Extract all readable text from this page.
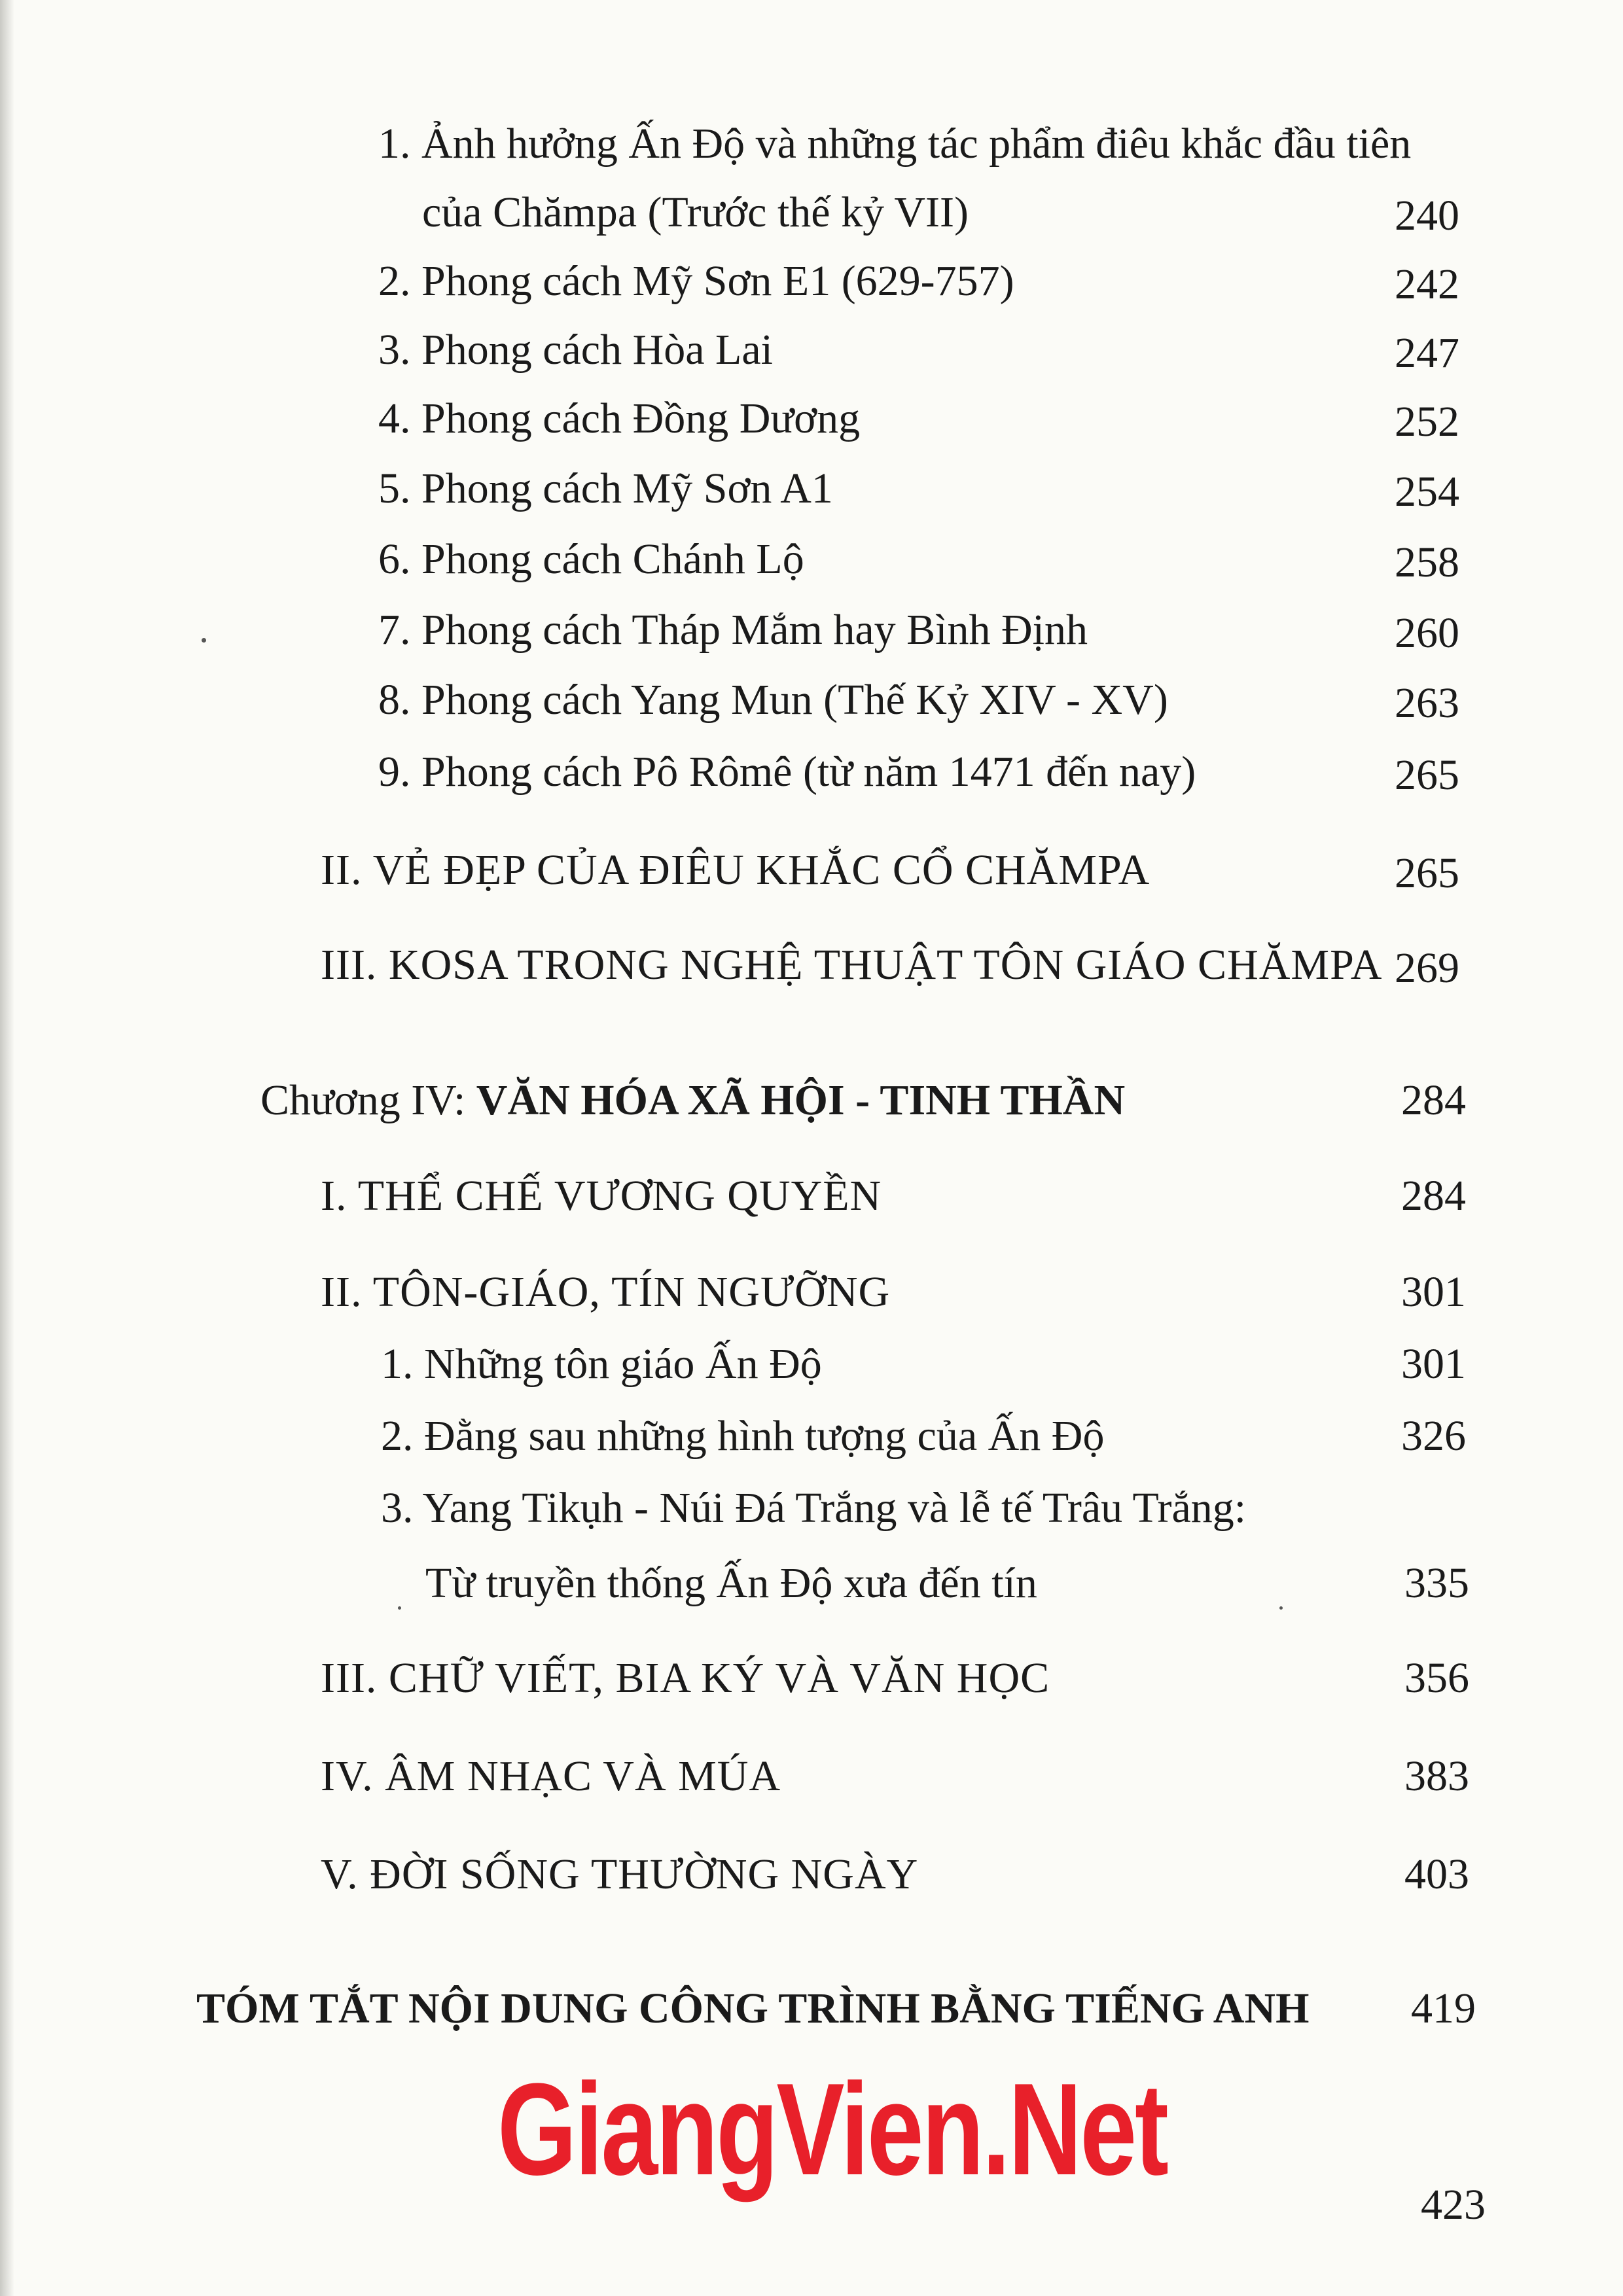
1. Ảnh hưởng Ấn Độ và những tác phẩm điêu khắc đầu tiên
của Chămpa (Trước thế kỷ VII)	240
2. Phong cách Mỹ Sơn E1 (629-757)	242
3. Phong cách Hòa Lai	247
4. Phong cách Đồng Dương	252
5. Phong cách Mỹ Sơn A1	254
6. Phong cách Chánh Lộ	258
7. Phong cách Tháp Mắm hay Bình Định	260
8. Phong cách Yang Mun (Thế Kỷ XIV - XV)	263
9. Phong cách Pô Rômê (từ năm 1471 đến nay)	265
II. VẺ ĐẸP CỦA ĐIÊU KHẮC CỔ CHĂMPA	265
III. KOSA TRONG NGHỆ THUẬT TÔN GIÁO CHĂMPA 269
Chương IV: VĂN HÓA XÃ HỘI - TINH THẦN	284
I. THỂ CHẾ VƯƠNG QUYỀN	284
II. TÔN-GIÁO, TÍN NGƯỠNG	301
1. Những tôn giáo Ấn Độ	301
2. Đằng sau những hình tượng của Ấn Độ	326
3. Yang Tikụh - Núi Đá Trắng và lễ tế Trâu Trắng:
Từ truyền thống Ấn Độ xưa đến tín	335
III. CHỮ VIẾT, BIA KÝ VÀ VĂN HỌC	356
IV. ÂM NHẠC VÀ MÚA	383
V. ĐỜI SỐNG THƯỜNG NGÀY	403
TÓM TẮT NỘI DUNG CÔNG TRÌNH BẰNG TIẾNG ANH	419
GiangVien.Net
423
